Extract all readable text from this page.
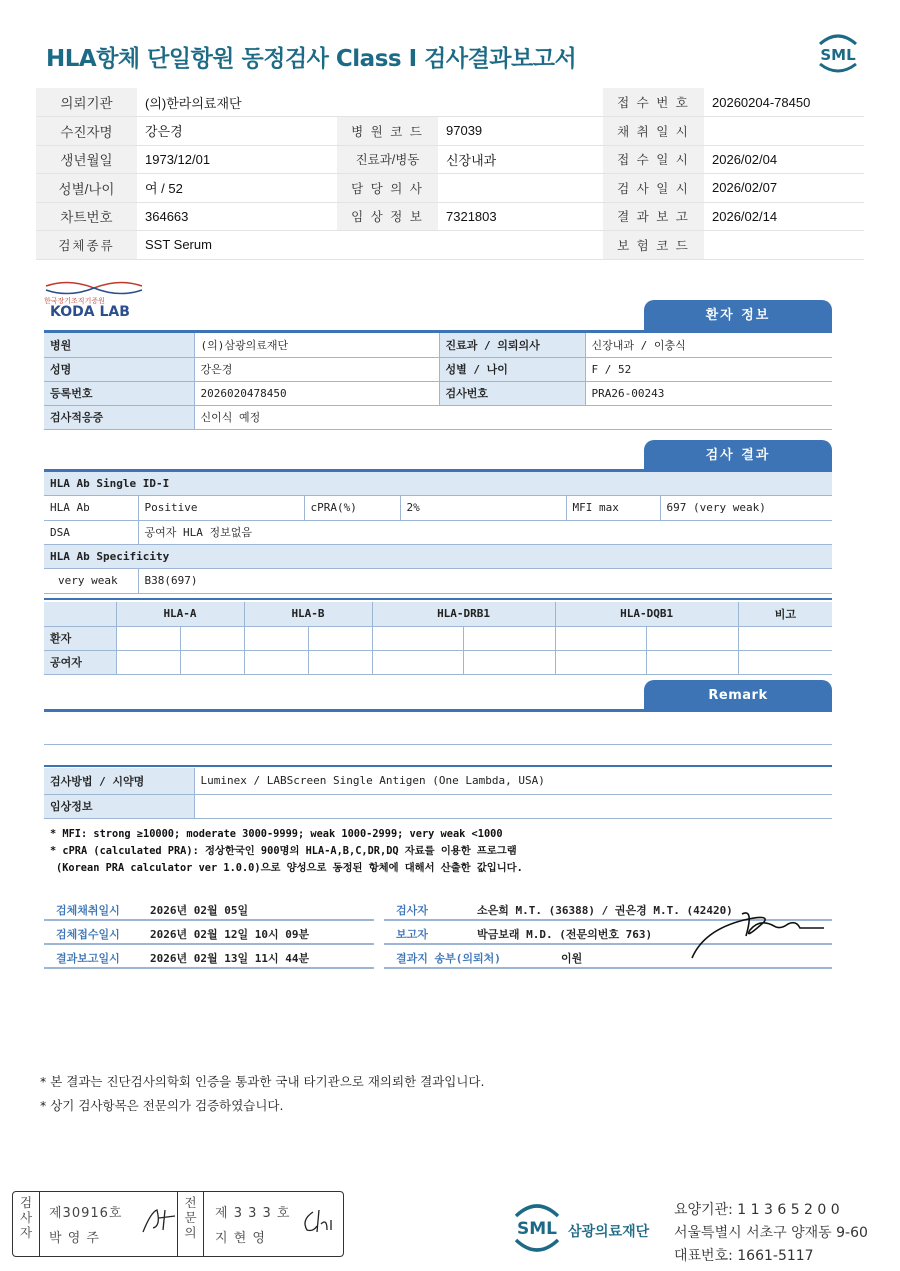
HLA항체 단일항원 동정검사 Class I 검사결과보고서	SML
의뢰기관	(의)한라의료재단			접 수 번 호	20260204-78450
수진자명	강은경	병 원 코 드	97039	채 취 일 시	
생년월일	1973/12/01	진료과/병동	신장내과	접 수 일 시	2026/02/04
성별/나이	여 / 52	담 당 의 사		검 사 일 시	2026/02/07
차트번호	364663	임 상 정 보	7321803	결 과 보 고	2026/02/14
검체종류	SST Serum			보 험 코 드	
한국장기조직기증원
KODA LAB	환자 정보
병원	(의)삼광의료재단	진료과 / 의뢰의사	신장내과 / 이충식
성명	강은경	성별 / 나이	F / 52
등록번호	2026020478450	검사번호	PRA26-00243
검사적응증	신이식 예정		
검사 결과
HLA Ab Single ID-I
HLA Ab	Positive	cPRA(%)	2%	MFI max	697 (very weak)
DSA	공여자 HLA 정보없음				
HLA Ab Specificity
very weak	B38(697)
	HLA-A		HLA-B		HLA-DRB1		HLA-DQB1		비고
환자									
공여자									
Remark
검사방법 / 시약명	Luminex / LABScreen Single Antigen (One Lambda, USA)
임상정보	
* MFI: strong ≥10000; moderate 3000-9999; weak 1000-2999; very weak <1000
* cPRA (calculated PRA): 정상한국인 900명의 HLA-A,B,C,DR,DQ 자료를 이용한 프로그램
(Korean PRA calculator ver 1.0.0)으로 양성으로 동정된 항체에 대해서 산출한 값입니다.
검체채취일시	2026년 02월 05일	검사자	소은희 M.T. (36388) / 권은경 M.T. (42420)
검체접수일시	2026년 02월 12일 10시 09분	보고자	박금보래 M.D. (전문의번호 763)
결과보고일시	2026년 02월 13일 11시 44분	결과지 송부(의뢰처)	이원
* 본 결과는 진단검사의학회 인증을 통과한 국내 타기관으로 재의뢰한 결과입니다.
* 상기 검사항목은 전문의가 검증하였습니다.
검
사
자
제30916호
박 영 주
전
문
의
제 3 3 3 호
지 현 영	SML 삼광의료재단
요양기관: 1 1 3 6 5 2 0 0
서울특별시 서초구 양재동 9-60
대표번호: 1661-5117
